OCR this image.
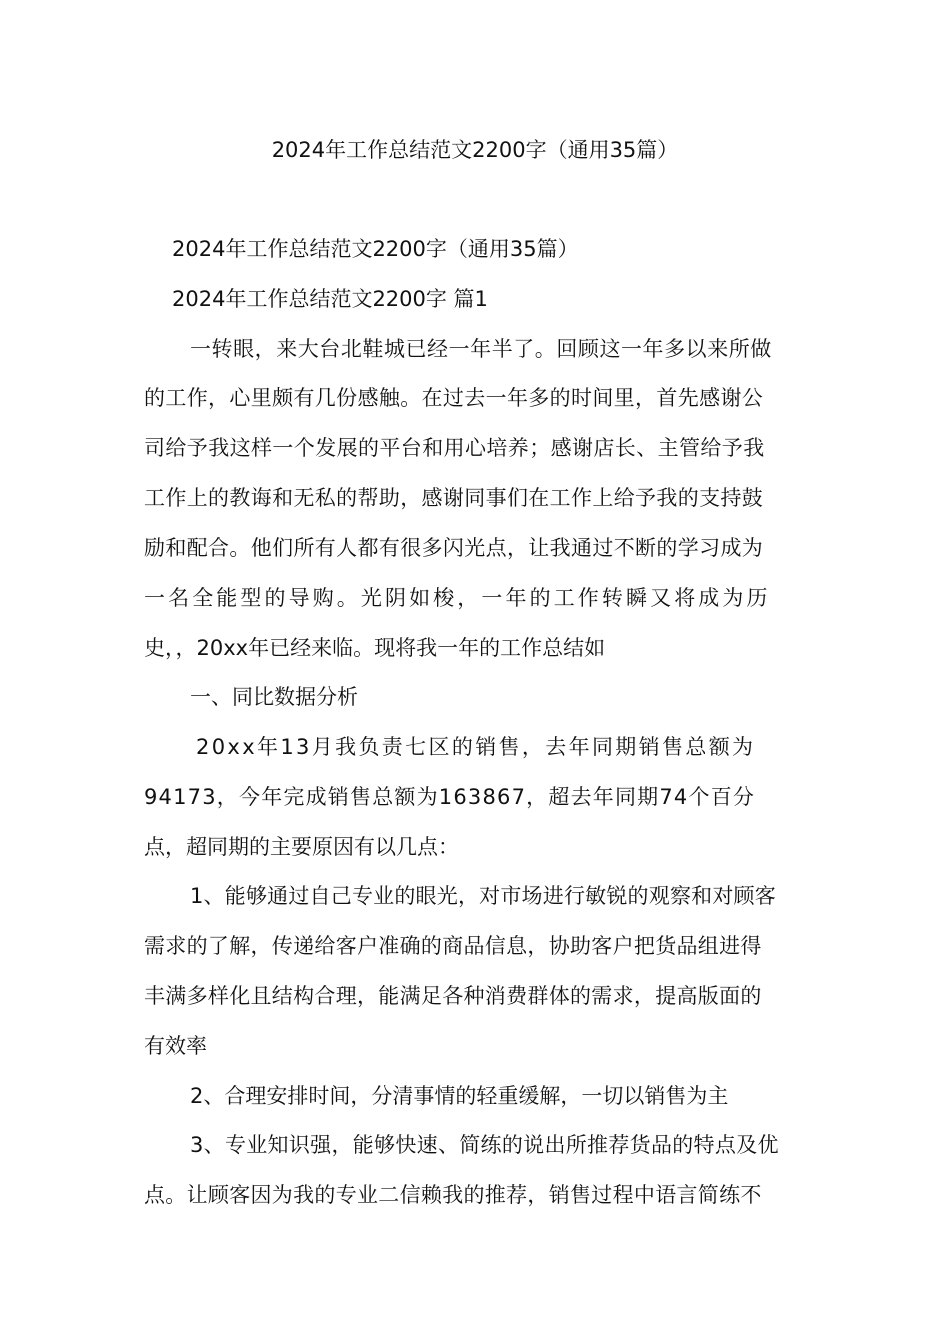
2024年工作总结范文2200字（通用35篇）
2024年工作总结范文2200字（通用35篇）
2024年工作总结范文2200字 篇1
一转眼，来大台北鞋城已经一年半了。回顾这一年多以来所做
的工作，心里颇有几份感触。在过去一年多的时间里，首先感谢公
司给予我这样一个发展的平台和用心培养；感谢店长、主管给予我
工作上的教诲和无私的帮助，感谢同事们在工作上给予我的支持鼓
励和配合。他们所有人都有很多闪光点，让我通过不断的学习成为
一名全能型的导购。光阴如梭，一年的工作转瞬又将成为历
史，，20xx年已经来临。现将我一年的工作总结如
一、同比数据分析
20xx年13月我负责七区的销售，去年同期销售总额为
94173，今年完成销售总额为163867，超去年同期74个百分
点，超同期的主要原因有以几点：
1、能够通过自己专业的眼光，对市场进行敏锐的观察和对顾客
需求的了解，传递给客户准确的商品信息，协助客户把货品组进得
丰满多样化且结构合理，能满足各种消费群体的需求，提高版面的
有效率
2、合理安排时间，分清事情的轻重缓解，一切以销售为主
3、专业知识强，能够快速、简练的说出所推荐货品的特点及优
点。让顾客因为我的专业二信赖我的推荐，销售过程中语言简练不
